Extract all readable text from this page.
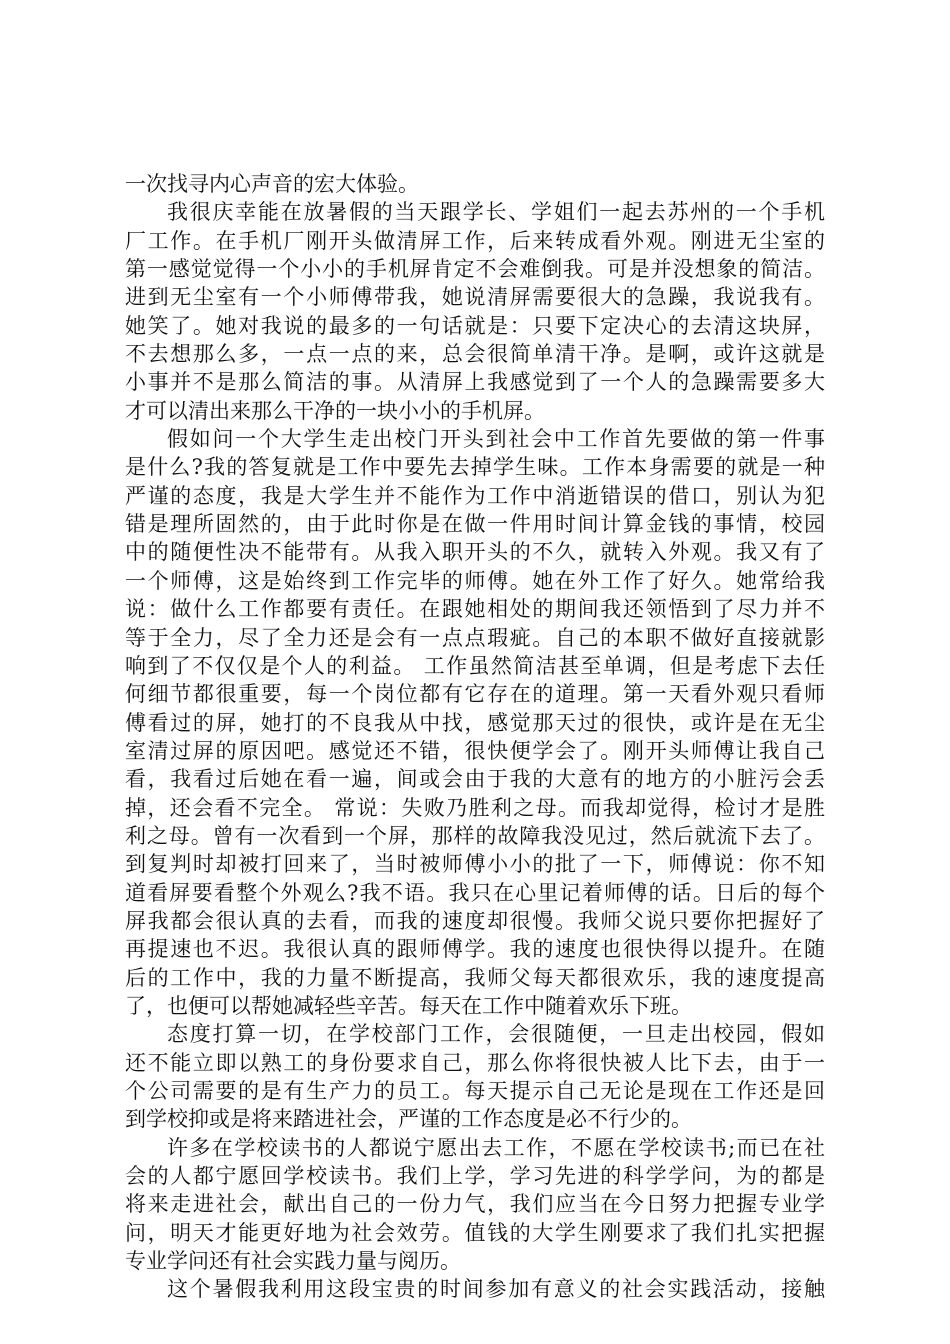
一次找寻内心声音的宏大体验。
我很庆幸能在放暑假的当天跟学长、学姐们一起去苏州的一个手机
厂工作。在手机厂刚开头做清屏工作，后来转成看外观。刚进无尘室的
第一感觉觉得一个小小的手机屏肯定不会难倒我。可是并没想象的简洁。
进到无尘室有一个小师傅带我，她说清屏需要很大的急躁，我说我有。
她笑了。她对我说的最多的一句话就是：只要下定决心的去清这块屏，
不去想那么多，一点一点的来，总会很简单清干净。是啊，或许这就是
小事并不是那么简洁的事。从清屏上我感觉到了一个人的急躁需要多大
才可以清出来那么干净的一块小小的手机屏。
假如问一个大学生走出校门开头到社会中工作首先要做的第一件事
是什么?我的答复就是工作中要先去掉学生味。工作本身需要的就是一种
严谨的态度，我是大学生并不能作为工作中消逝错误的借口，别认为犯
错是理所固然的，由于此时你是在做一件用时间计算金钱的事情，校园
中的随便性决不能带有。从我入职开头的不久，就转入外观。我又有了
一个师傅，这是始终到工作完毕的师傅。她在外工作了好久。她常给我
说：做什么工作都要有责任。在跟她相处的期间我还领悟到了尽力并不
等于全力，尽了全力还是会有一点点瑕疵。自己的本职不做好直接就影
响到了不仅仅是个人的利益。 工作虽然简洁甚至单调，但是考虑下去任
何细节都很重要，每一个岗位都有它存在的道理。第一天看外观只看师
傅看过的屏，她打的不良我从中找，感觉那天过的很快，或许是在无尘
室清过屏的原因吧。感觉还不错，很快便学会了。刚开头师傅让我自己
看，我看过后她在看一遍，间或会由于我的大意有的地方的小脏污会丢
掉，还会看不完全。 常说：失败乃胜利之母。而我却觉得，检讨才是胜
利之母。曾有一次看到一个屏，那样的故障我没见过，然后就流下去了。
到复判时却被打回来了，当时被师傅小小的批了一下，师傅说：你不知
道看屏要看整个外观么?我不语。我只在心里记着师傅的话。日后的每个
屏我都会很认真的去看，而我的速度却很慢。我师父说只要你把握好了
再提速也不迟。我很认真的跟师傅学。我的速度也很快得以提升。在随
后的工作中，我的力量不断提高，我师父每天都很欢乐，我的速度提高
了，也便可以帮她减轻些辛苦。每天在工作中随着欢乐下班。
态度打算一切，在学校部门工作，会很随便，一旦走出校园，假如
还不能立即以熟工的身份要求自己，那么你将很快被人比下去，由于一
个公司需要的是有生产力的员工。每天提示自己无论是现在工作还是回
到学校抑或是将来踏进社会，严谨的工作态度是必不行少的。
许多在学校读书的人都说宁愿出去工作，不愿在学校读书;而已在社
会的人都宁愿回学校读书。我们上学，学习先进的科学学问，为的都是
将来走进社会，献出自己的一份力气，我们应当在今日努力把握专业学
问，明天才能更好地为社会效劳。值钱的大学生刚要求了我们扎实把握
专业学问还有社会实践力量与阅历。
这个暑假我利用这段宝贵的时间参加有意义的社会实践活动，接触
